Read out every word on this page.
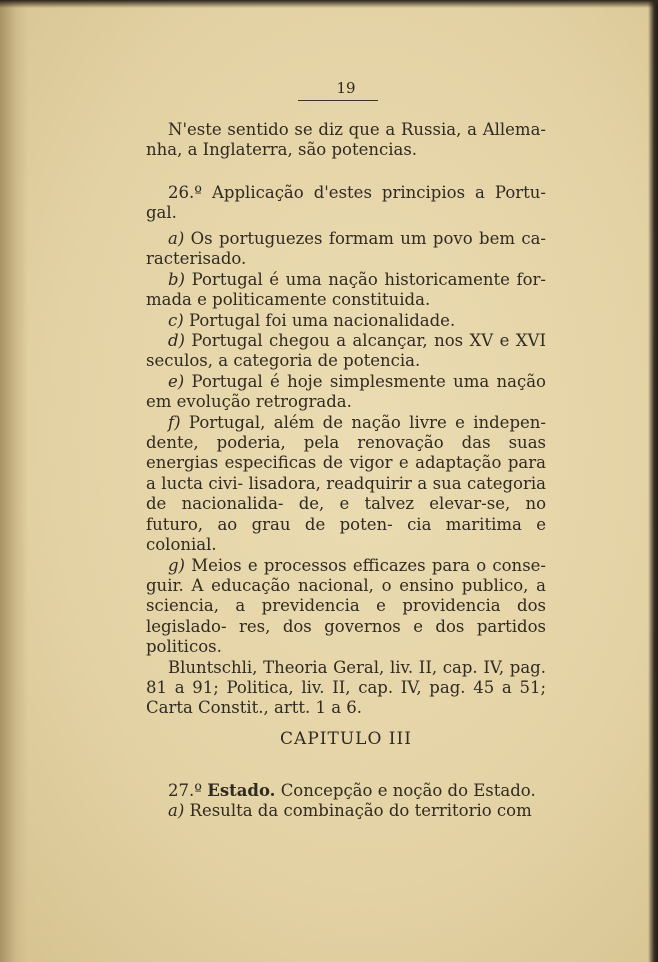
19

N'este sentido se diz que a Russia, a Allema- nha, a Inglaterra, são potencias.

26.º Applicação d'estes principios a Portu- gal.

a) Os portuguezes formam um povo bem ca- racterisado.

b) Portugal é uma nação historicamente for- mada e politicamente constituida.

c) Portugal foi uma nacionalidade.

d) Portugal chegou a alcançar, nos XV e XVI seculos, a categoria de potencia.

e) Portugal é hoje simplesmente uma nação em evolução retrograda.

f) Portugal, além de nação livre e indepen- dente, poderia, pela renovação das suas energias especificas de vigor e adaptação para a lucta civi- lisadora, readquirir a sua categoria de nacionalida- de, e talvez elevar-se, no futuro, ao grau de poten- cia maritima e colonial.

g) Meios e processos efficazes para o conse- guir. A educação nacional, o ensino publico, a sciencia, a previdencia e providencia dos legislado- res, dos governos e dos partidos politicos.

Bluntschli, Theoria Geral, liv. II, cap. IV, pag. 81 a 91; Politica, liv. II, cap. IV, pag. 45 a 51; Carta Constit., artt. 1 a 6.

CAPITULO III

27.º Estado. Concepção e noção do Estado.

a) Resulta da combinação do territorio com
